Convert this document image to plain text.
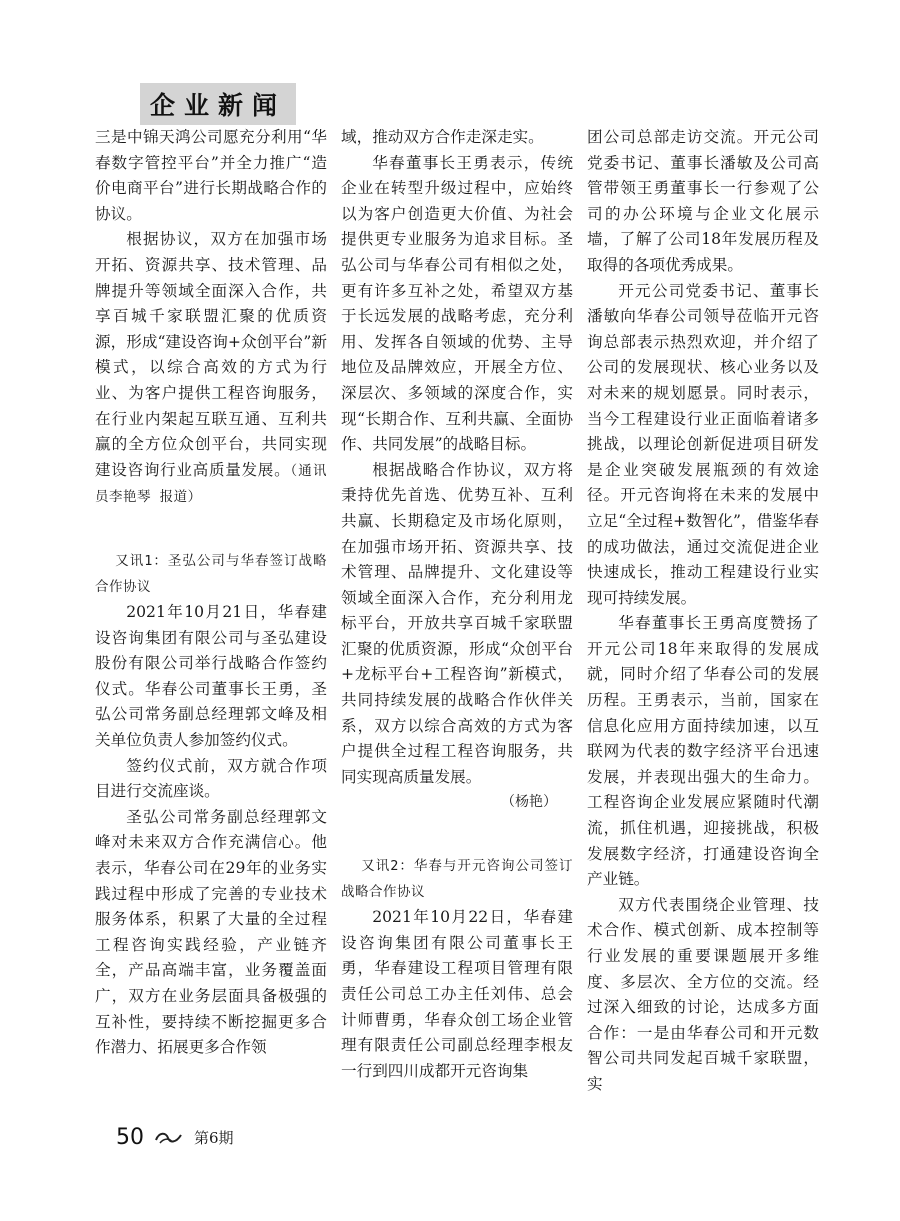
企业新闻

三是中锦天鸿公司愿充分利用“华春数字管控平台”并全力推广“造价电商平台”进行长期战略合作的协议。

根据协议，双方在加强市场开拓、资源共享、技术管理、品牌提升等领域全面深入合作，共享百城千家联盟汇聚的优质资源，形成“建设咨询+众创平台”新模式，以综合高效的方式为行业、为客户提供工程咨询服务，在行业内架起互联互通、互利共赢的全方位众创平台，共同实现建设咨询行业高质量发展。（通讯员李艳琴 报道）

又讯1：圣弘公司与华春签订战略合作协议

2021年10月21日，华春建设咨询集团有限公司与圣弘建设股份有限公司举行战略合作签约仪式。华春公司董事长王勇，圣弘公司常务副总经理郭文峰及相关单位负责人参加签约仪式。

签约仪式前，双方就合作项目进行交流座谈。

圣弘公司常务副总经理郭文峰对未来双方合作充满信心。他表示，华春公司在29年的业务实践过程中形成了完善的专业技术服务体系，积累了大量的全过程工程咨询实践经验，产业链齐全，产品高端丰富，业务覆盖面广，双方在业务层面具备极强的互补性，要持续不断挖掘更多合作潜力、拓展更多合作领

域，推动双方合作走深走实。

华春董事长王勇表示，传统企业在转型升级过程中，应始终以为客户创造更大价值、为社会提供更专业服务为追求目标。圣弘公司与华春公司有相似之处，更有许多互补之处，希望双方基于长远发展的战略考虑，充分利用、发挥各自领域的优势、主导地位及品牌效应，开展全方位、深层次、多领域的深度合作，实现“长期合作、互利共赢、全面协作、共同发展”的战略目标。

根据战略合作协议，双方将秉持优先首选、优势互补、互利共赢、长期稳定及市场化原则，在加强市场开拓、资源共享、技术管理、品牌提升、文化建设等领域全面深入合作，充分利用龙标平台，开放共享百城千家联盟汇聚的优质资源，形成“众创平台+龙标平台+工程咨询”新模式，共同持续发展的战略合作伙伴关系，双方以综合高效的方式为客户提供全过程工程咨询服务，共同实现高质量发展。

（杨艳）

又讯2：华春与开元咨询公司签订战略合作协议

2021年10月22日，华春建设咨询集团有限公司董事长王勇，华春建设工程项目管理有限责任公司总工办主任刘伟、总会计师曹勇，华春众创工场企业管理有限责任公司副总经理李根友一行到四川成都开元咨询集

团公司总部走访交流。开元公司党委书记、董事长潘敏及公司高管带领王勇董事长一行参观了公司的办公环境与企业文化展示墙，了解了公司18年发展历程及取得的各项优秀成果。

开元公司党委书记、董事长潘敏向华春公司领导莅临开元咨询总部表示热烈欢迎，并介绍了公司的发展现状、核心业务以及对未来的规划愿景。同时表示，当今工程建设行业正面临着诸多挑战，以理论创新促进项目研发是企业突破发展瓶颈的有效途径。开元咨询将在未来的发展中立足“全过程+数智化”，借鉴华春的成功做法，通过交流促进企业快速成长，推动工程建设行业实现可持续发展。

华春董事长王勇高度赞扬了开元公司18年来取得的发展成就，同时介绍了华春公司的发展历程。王勇表示，当前，国家在信息化应用方面持续加速，以互联网为代表的数字经济平台迅速发展，并表现出强大的生命力。工程咨询企业发展应紧随时代潮流，抓住机遇，迎接挑战，积极发展数字经济，打通建设咨询全产业链。

双方代表围绕企业管理、技术合作、模式创新、成本控制等行业发展的重要课题展开多维度、多层次、全方位的交流。经过深入细致的讨论，达成多方面合作：一是由华春公司和开元数智公司共同发起百城千家联盟，实

50	第6期
